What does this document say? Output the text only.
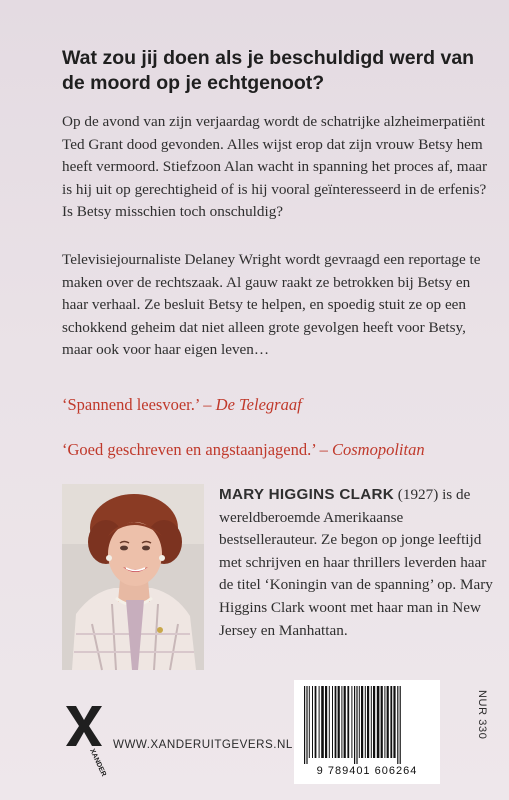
Wat zou jij doen als je beschuldigd werd van de moord op je echtgenoot?

Op de avond van zijn verjaardag wordt de schatrijke alzheimerpatiënt Ted Grant dood gevonden. Alles wijst erop dat zijn vrouw Betsy hem heeft vermoord. Stiefzoon Alan wacht in spanning het proces af, maar is hij uit op gerechtigheid of is hij vooral geïnteresseerd in de erfenis? Is Betsy misschien toch onschuldig?

Televisiejournaliste Delaney Wright wordt gevraagd een reportage te maken over de rechtszaak. Al gauw raakt ze betrokken bij Betsy en haar verhaal. Ze besluit Betsy te helpen, en spoedig stuit ze op een schokkend geheim dat niet alleen grote gevolgen heeft voor Betsy, maar ook voor haar eigen leven…

‘Spannend leesvoer.’ – De Telegraaf

‘Goed geschreven en angstaanjagend.’ – Cosmopolitan

MARY HIGGINS CLARK (1927) is de wereldberoemde Amerikaanse bestsellerauteur. Ze begon op jonge leeftijd met schrijven en haar thrillers leverden haar de titel ‘Koningin van de spanning’ op. Mary Higgins Clark woont met haar man in New Jersey en Manhattan.

XANDER
WWW.XANDERUITGEVERS.NL
9 789401 606264
NUR 330
